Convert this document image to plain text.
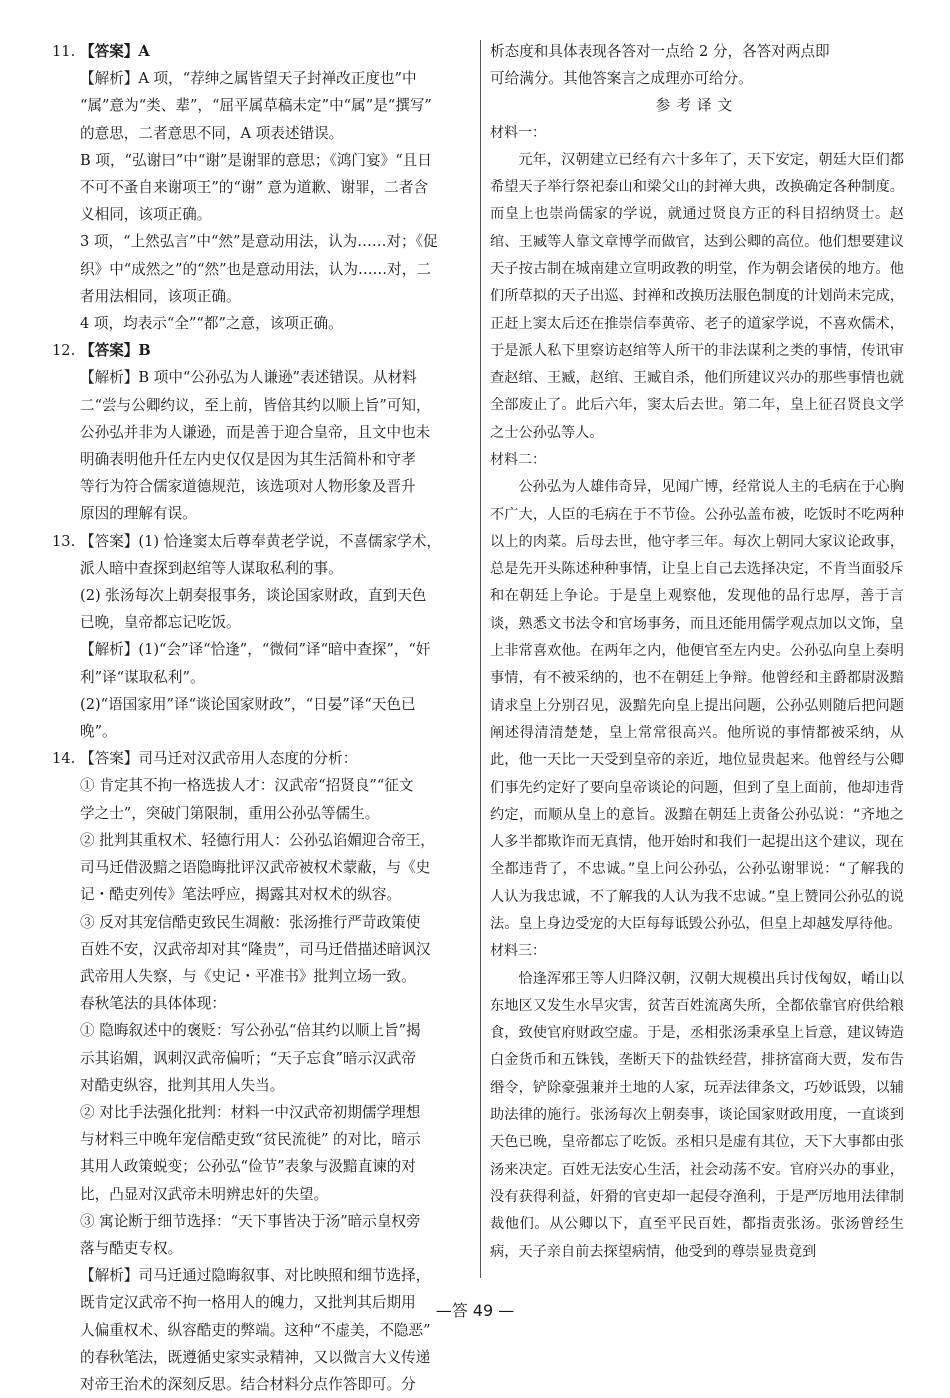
11. 【答案】A

【解析】A 项，“荐绅之属皆望天子封禅改正度也”中

“属”意为“类、辈”，“屈平属草稿未定”中“属”是“撰写”

的意思，二者意思不同，A 项表述错误。

B 项，“弘谢曰”中“谢”是谢罪的意思；《鸿门宴》“且日

不可不蚤自来谢项王”的“谢” 意为道歉、谢罪，二者含

义相同，该项正确。

3 项，“上然弘言”中“然”是意动用法，认为……对；《促

织》中“成然之”的“然”也是意动用法，认为……对，二

者用法相同，该项正确。

4 项，均表示“全”“都”之意，该项正确。

12. 【答案】B

【解析】B 项中“公孙弘为人谦逊”表述错误。从材料

二“尝与公卿约议，至上前，皆倍其约以顺上旨”可知，

公孙弘并非为人谦逊，而是善于迎合皇帝，且文中也未

明确表明他升任左内史仅仅是因为其生活简朴和守孝

等行为符合儒家道德规范，该选项对人物形象及晋升

原因的理解有误。

13. 【答案】(1) 恰逢窦太后尊奉黄老学说，不喜儒家学术，

派人暗中查探到赵绾等人谋取私利的事。

(2) 张汤每次上朝奏报事务，谈论国家财政，直到天色

已晚，皇帝都忘记吃饭。

【解析】(1)“会”译“恰逢”，“微伺”译“暗中查探”，“奸

利”译“谋取私利”。

(2)“语国家用”译“谈论国家财政”，“日晏”译“天色已

晚”。

14. 【答案】司马迁对汉武帝用人态度的分析：

① 肯定其不拘一格选拔人才：汉武帝“招贤良”“征文

学之士”，突破门第限制，重用公孙弘等儒生。

② 批判其重权术、轻德行用人：公孙弘谄媚迎合帝王，

司马迁借汲黯之语隐晦批评汉武帝被权术蒙蔽，与《史

记・酷吏列传》笔法呼应，揭露其对权术的纵容。

③ 反对其宠信酷吏致民生凋敝：张汤推行严苛政策使

百姓不安，汉武帝却对其“隆贵”，司马迁借描述暗讽汉

武帝用人失察，与《史记・平准书》批判立场一致。

春秋笔法的具体体现：

① 隐晦叙述中的褒贬：写公孙弘“倍其约以顺上旨”揭

示其谄媚，讽刺汉武帝偏听；“天子忘食”暗示汉武帝

对酷吏纵容，批判其用人失当。

② 对比手法强化批判：材料一中汉武帝初期儒学理想

与材料三中晚年宠信酷吏致“贫民流徙” 的对比，暗示

其用人政策蜕变；公孙弘“俭节”表象与汲黯直谏的对

比，凸显对汉武帝未明辨忠奸的失望。

③ 寓论断于细节选择：“天下事皆决于汤”暗示皇权旁

落与酷吏专权。

【解析】司马迁通过隐晦叙事、对比映照和细节选择，

既肯定汉武帝不拘一格用人的魄力，又批判其后期用

人偏重权术、纵容酷吏的弊端。这种“不虚美，不隐恶”

的春秋笔法，既遵循史家实录精神，又以微言大义传递

对帝王治术的深刻反思。结合材料分点作答即可。分

析态度和具体表现各答对一点给 2 分，各答对两点即

可给满分。其他答案言之成理亦可给分。

参考译文

材料一：

元年，汉朝建立已经有六十多年了，天下安定，朝廷大臣们都希望天子举行祭祀泰山和梁父山的封禅大典，改换确定各种制度。而皇上也崇尚儒家的学说，就通过贤良方正的科目招纳贤士。赵绾、王臧等人靠文章博学而做官，达到公卿的高位。他们想要建议天子按古制在城南建立宣明政教的明堂，作为朝会诸侯的地方。他们所草拟的天子出巡、封禅和改换历法服色制度的计划尚未完成，正赶上窦太后还在推崇信奉黄帝、老子的道家学说，不喜欢儒术，于是派人私下里察访赵绾等人所干的非法谋利之类的事情，传讯审查赵绾、王臧，赵绾、王臧自杀，他们所建议兴办的那些事情也就全部废止了。此后六年，窦太后去世。第二年，皇上征召贤良文学之士公孙弘等人。

材料二：

公孙弘为人雄伟奇异，见闻广博，经常说人主的毛病在于心胸不广大，人臣的毛病在于不节俭。公孙弘盖布被，吃饭时不吃两种以上的肉菜。后母去世，他守孝三年。每次上朝同大家议论政事，总是先开头陈述种种事情，让皇上自己去选择决定，不肯当面驳斥和在朝廷上争论。于是皇上观察他，发现他的品行忠厚，善于言谈，熟悉文书法令和官场事务，而且还能用儒学观点加以文饰，皇上非常喜欢他。在两年之内，他便官至左内史。公孙弘向皇上奏明事情，有不被采纳的，也不在朝廷上争辩。他曾经和主爵都尉汲黯请求皇上分别召见，汲黯先向皇上提出问题，公孙弘则随后把问题阐述得清清楚楚，皇上常常很高兴。他所说的事情都被采纳，从此，他一天比一天受到皇帝的亲近，地位显贵起来。他曾经与公卿们事先约定好了要向皇帝谈论的问题，但到了皇上面前，他却违背约定，而顺从皇上的意旨。汲黯在朝廷上责备公孙弘说：“齐地之人多半都欺诈而无真情，他开始时和我们一起提出这个建议，现在全都违背了，不忠诚。”皇上问公孙弘，公孙弘谢罪说：“了解我的人认为我忠诚，不了解我的人认为我不忠诚。”皇上赞同公孙弘的说法。皇上身边受宠的大臣每每诋毁公孙弘，但皇上却越发厚待他。

材料三：

恰逢浑邪王等人归降汉朝，汉朝大规模出兵讨伐匈奴，崤山以东地区又发生水旱灾害，贫苦百姓流离失所，全都依靠官府供给粮食，致使官府财政空虚。于是，丞相张汤秉承皇上旨意，建议铸造白金货币和五铢钱，垄断天下的盐铁经营，排挤富商大贾，发布告缗令，铲除豪强兼并土地的人家，玩弄法律条文，巧妙诋毁，以辅助法律的施行。张汤每次上朝奏事，谈论国家财政用度，一直谈到天色已晚，皇帝都忘了吃饭。丞相只是虚有其位，天下大事都由张汤来决定。百姓无法安心生活，社会动荡不安。官府兴办的事业，没有获得利益，奸猾的官吏却一起侵夺渔利，于是严厉地用法律制裁他们。从公卿以下，直至平民百姓，都指责张汤。张汤曾经生病，天子亲自前去探望病情，他受到的尊崇显贵竟到

—答 49 —
